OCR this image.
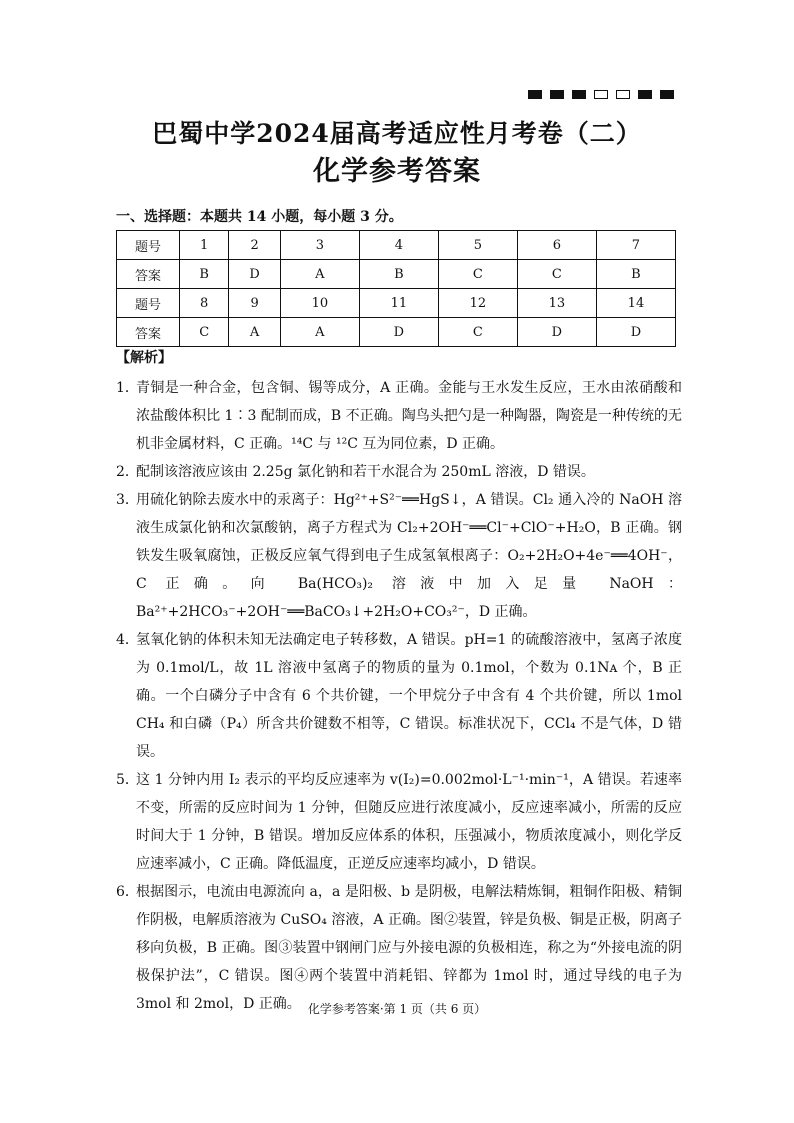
巴蜀中学2024届高考适应性月考卷（二）
化学参考答案
一、选择题：本题共 14 小题，每小题 3 分。
题号	1	2	3	4	5	6	7
答案	B	D	A	B	C	C	B
题号	8	9	10	11	12	13	14
答案	C	A	A	D	C	D	D
【解析】
1．
青铜是一种合金，包含铜、锡等成分，A 正确。金能与王水发生反应，王水由浓硝酸和浓盐酸体积比 1∶3 配制而成，B 不正确。陶鸟头把勺是一种陶器，陶瓷是一种传统的无机非金属材料，C 正确。¹⁴C 与 ¹²C 互为同位素，D 正确。
2．
配制该溶液应该由 2.25g 氯化钠和若干水混合为 250mL 溶液，D 错误。
3．
用硫化钠除去废水中的汞离子：Hg²⁺+S²⁻══HgS↓，A 错误。Cl₂ 通入冷的 NaOH 溶液生成氯化钠和次氯酸钠，离子方程式为 Cl₂+2OH⁻══Cl⁻+ClO⁻+H₂O，B 正确。钢铁发生吸氧腐蚀，正极反应氧气得到电子生成氢氧根离子：O₂+2H₂O+4e⁻══4OH⁻，C 正确。向 Ba(HCO₃)₂ 溶液中加入足量 NaOH：Ba²⁺+2HCO₃⁻+2OH⁻══BaCO₃↓+2H₂O+CO₃²⁻，D 正确。
4．
氢氧化钠的体积未知无法确定电子转移数，A 错误。pH=1 的硫酸溶液中，氢离子浓度为 0.1mol/L，故 1L 溶液中氢离子的物质的量为 0.1mol，个数为 0.1Nᴀ 个，B 正确。一个白磷分子中含有 6 个共价键，一个甲烷分子中含有 4 个共价键，所以 1mol CH₄ 和白磷（P₄）所含共价键数不相等，C 错误。标准状况下，CCl₄ 不是气体，D 错误。
5．
这 1 分钟内用 I₂ 表示的平均反应速率为 v(I₂)=0.002mol·L⁻¹·min⁻¹，A 错误。若速率不变，所需的反应时间为 1 分钟，但随反应进行浓度减小，反应速率减小，所需的反应时间大于 1 分钟，B 错误。增加反应体系的体积，压强减小，物质浓度减小，则化学反应速率减小，C 正确。降低温度，正逆反应速率均减小，D 错误。
6．
根据图示，电流由电源流向 a，a 是阳极、b 是阴极，电解法精炼铜，粗铜作阳极、精铜作阴极，电解质溶液为 CuSO₄ 溶液，A 正确。图②装置，锌是负极、铜是正极，阴离子移向负极，B 正确。图③装置中钢闸门应与外接电源的负极相连，称之为“外接电流的阴极保护法”，C 错误。图④两个装置中消耗铝、锌都为 1mol 时，通过导线的电子为 3mol 和 2mol，D 正确。 化学参考答案·第 1 页（共 6 页）
